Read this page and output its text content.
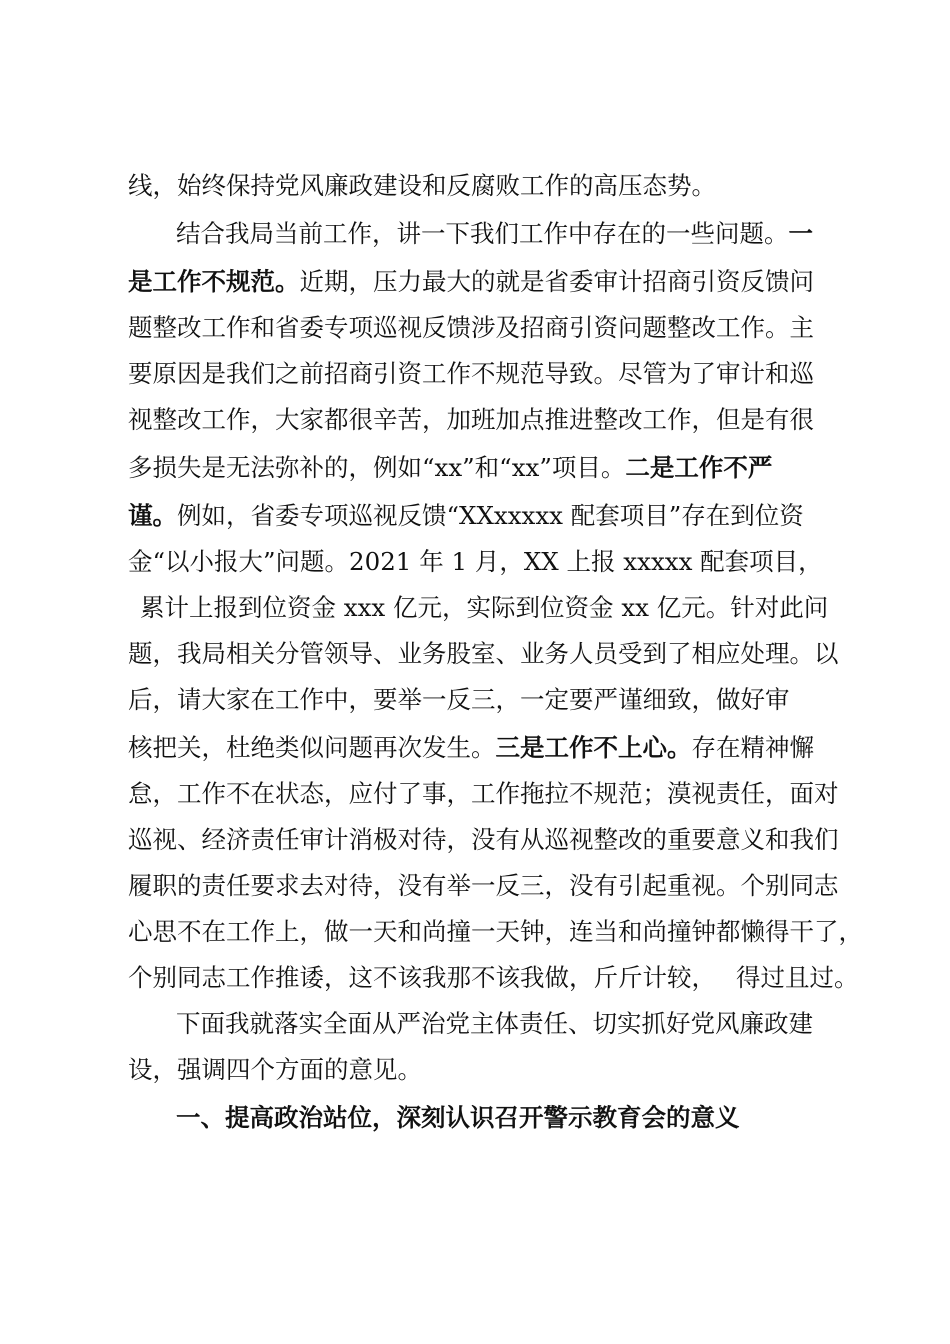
线，始终保持党风廉政建设和反腐败工作的高压态势。
结合我局当前工作，讲一下我们工作中存在的一些问题。一
是工作不规范。近期，压力最大的就是省委审计招商引资反馈问
题整改工作和省委专项巡视反馈涉及招商引资问题整改工作。主
要原因是我们之前招商引资工作不规范导致。尽管为了审计和巡
视整改工作，大家都很辛苦，加班加点推进整改工作，但是有很
多损失是无法弥补的，例如“xx”和“xx”项目。二是工作不严
谨。例如，省委专项巡视反馈“XXxxxxx 配套项目”存在到位资
金“以小报大”问题。2021 年 1 月，XX 上报 xxxxx 配套项目，
累计上报到位资金 xxx 亿元，实际到位资金 xx 亿元。针对此问
题，我局相关分管领导、业务股室、业务人员受到了相应处理。以
后，请大家在工作中，要举一反三，一定要严谨细致，做好审
核把关，杜绝类似问题再次发生。三是工作不上心。存在精神懈
怠，工作不在状态，应付了事，工作拖拉不规范；漠视责任，面对
巡视、经济责任审计消极对待，没有从巡视整改的重要意义和我们
履职的责任要求去对待，没有举一反三，没有引起重视。个别同志
心思不在工作上，做一天和尚撞一天钟，连当和尚撞钟都懒得干了，
个别同志工作推诿，这不该我那不该我做，斤斤计较， 得过且过。
下面我就落实全面从严治党主体责任、切实抓好党风廉政建
设，强调四个方面的意见。
一、提高政治站位，深刻认识召开警示教育会的意义
